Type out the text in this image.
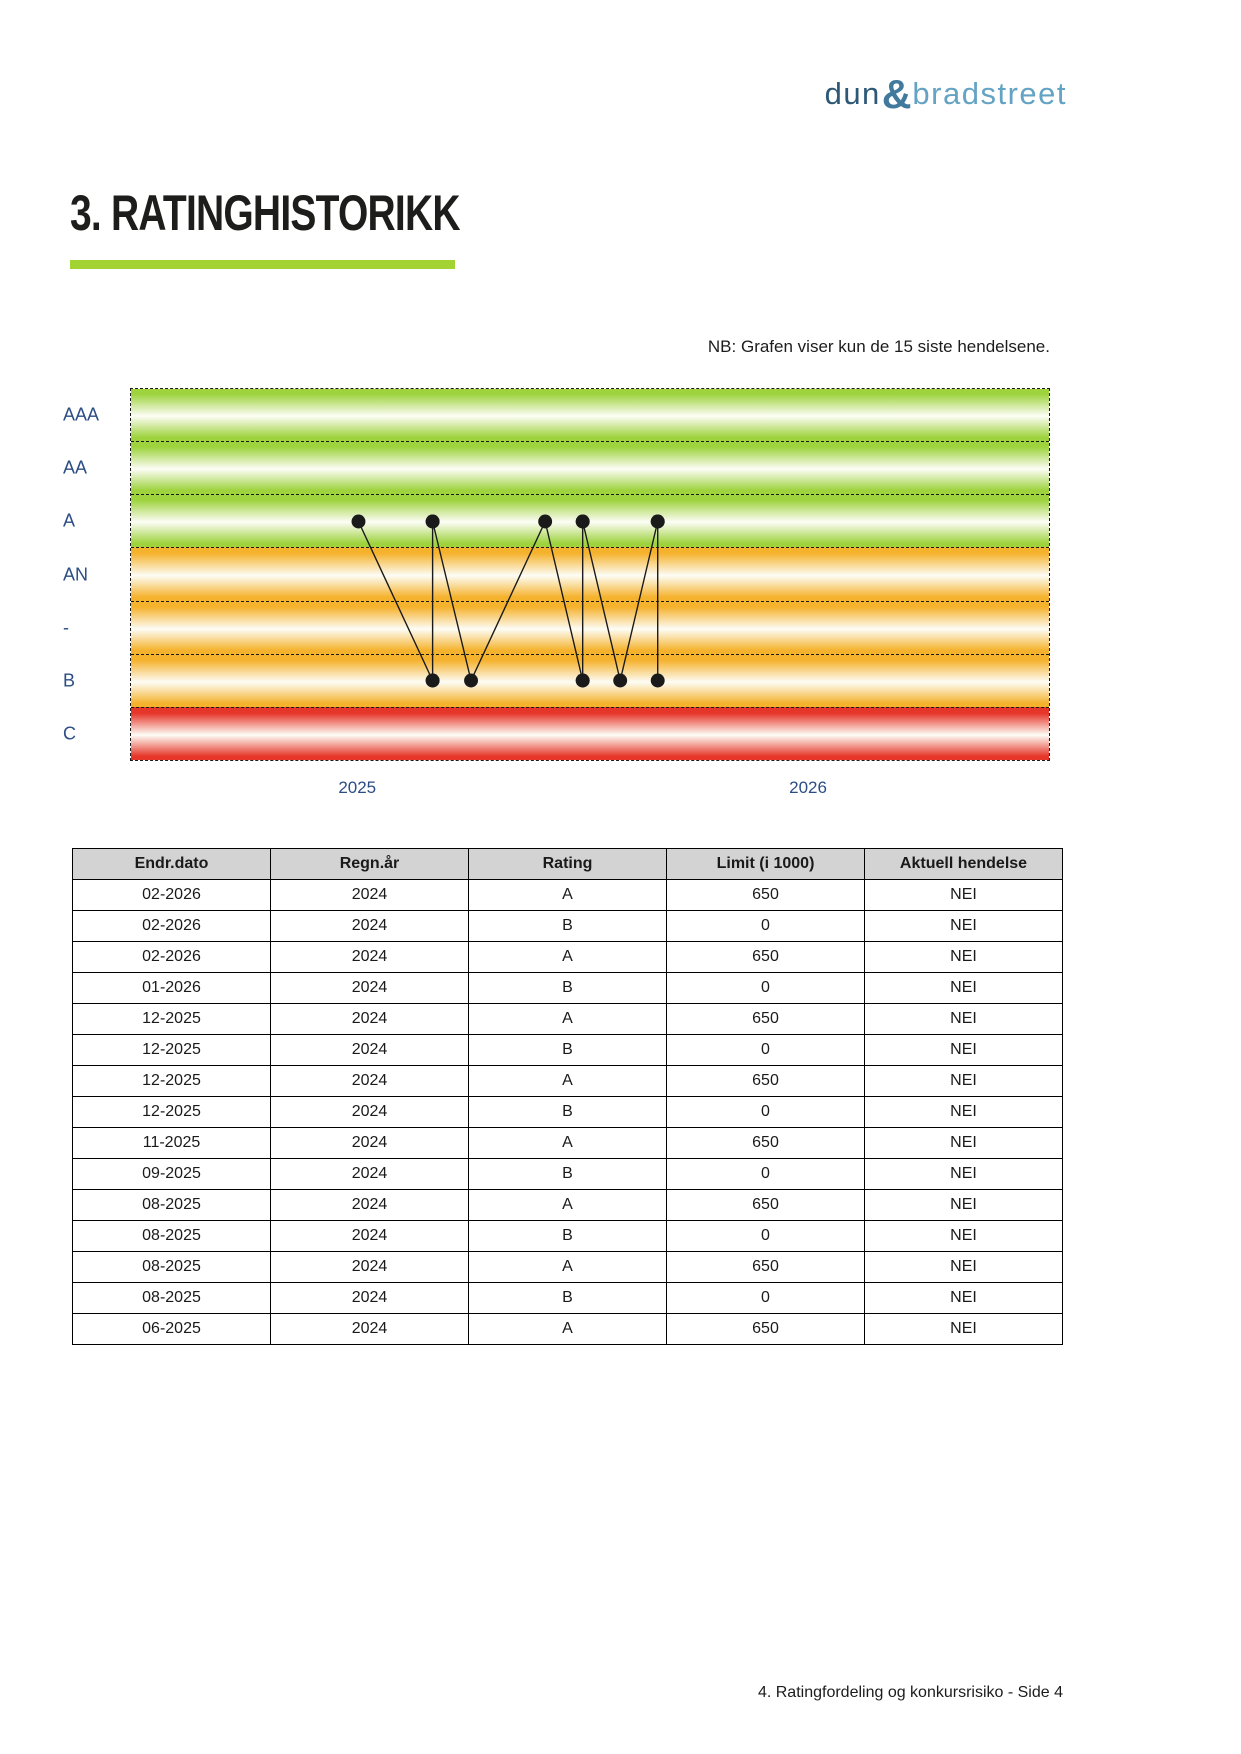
dun&bradstreet
3. RATINGHISTORIKK

NB: Grafen viser kun de 15 siste hendelsene.

AAA
AA
A
AN
-
B
C
2025	2026
Endr.dato	Regn.år	Rating	Limit (i 1000)	Aktuell hendelse
02-2026	2024	A	650	NEI
02-2026	2024	B	0	NEI
02-2026	2024	A	650	NEI
01-2026	2024	B	0	NEI
12-2025	2024	A	650	NEI
12-2025	2024	B	0	NEI
12-2025	2024	A	650	NEI
12-2025	2024	B	0	NEI
11-2025	2024	A	650	NEI
09-2025	2024	B	0	NEI
08-2025	2024	A	650	NEI
08-2025	2024	B	0	NEI
08-2025	2024	A	650	NEI
08-2025	2024	B	0	NEI
06-2025	2024	A	650	NEI

4. Ratingfordeling og konkursrisiko - Side 4
